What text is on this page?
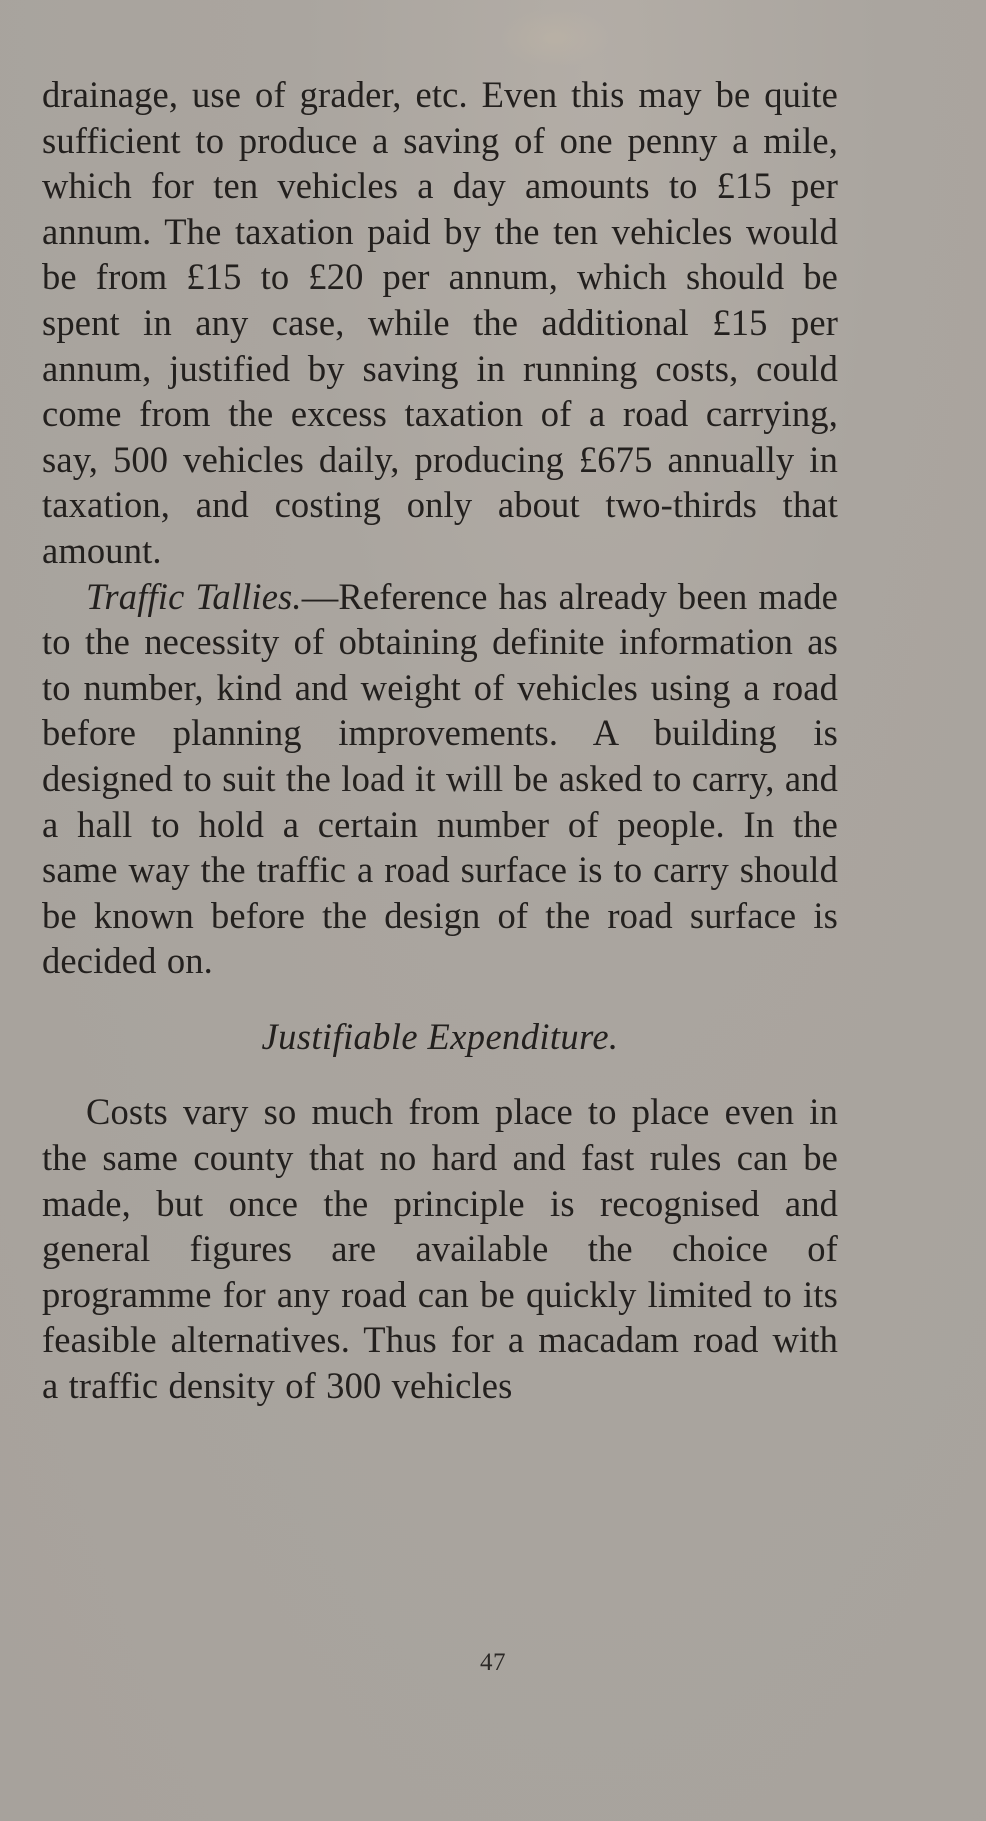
drainage, use of grader, etc. Even this may be quite sufficient to produce a saving of one penny a mile, which for ten vehicles a day amounts to £15 per annum. The taxation paid by the ten vehicles would be from £15 to £20 per annum, which should be spent in any case, while the additional £15 per annum, justified by saving in running costs, could come from the excess taxation of a road carrying, say, 500 vehicles daily, producing £675 annually in taxation, and costing only about two-thirds that amount.

Traffic Tallies.—Reference has already been made to the necessity of obtaining definite information as to number, kind and weight of vehicles using a road before planning improvements. A building is designed to suit the load it will be asked to carry, and a hall to hold a certain number of people. In the same way the traffic a road surface is to carry should be known before the design of the road surface is decided on.

Justifiable Expenditure.

Costs vary so much from place to place even in the same county that no hard and fast rules can be made, but once the principle is recognised and general figures are available the choice of programme for any road can be quickly limited to its feasible alternatives. Thus for a macadam road with a traffic density of 300 vehicles

47
